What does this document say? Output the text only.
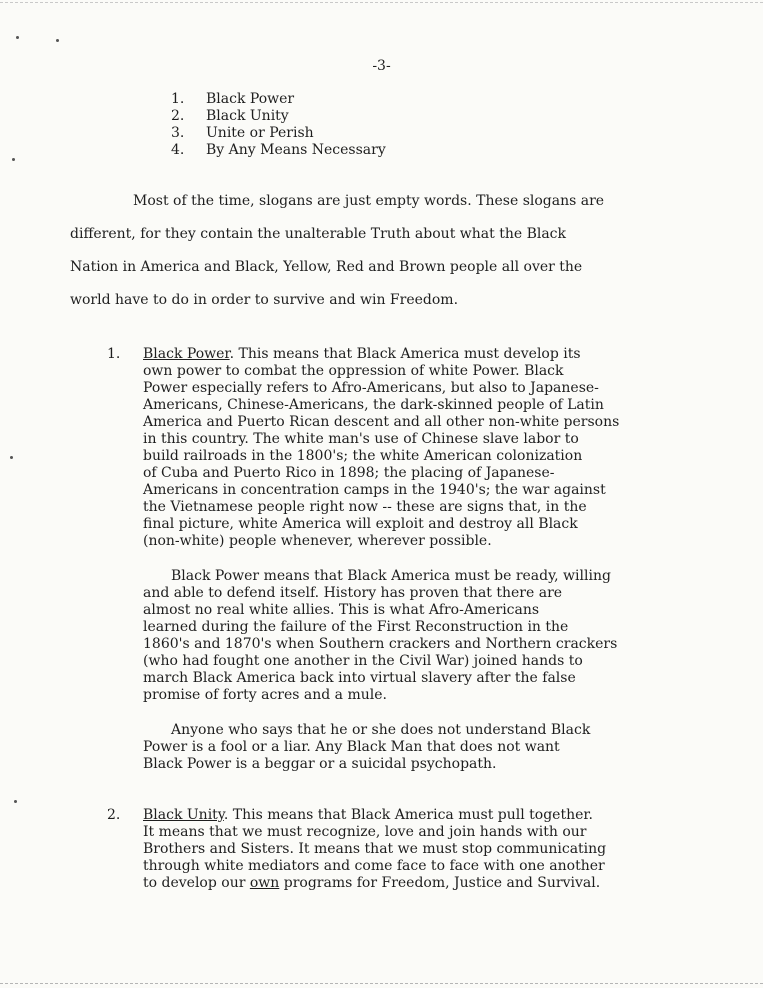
-3-
1. Black Power
2. Black Unity
3. Unite or Perish
4. By Any Means Necessary
Most of the time, slogans are just empty words. These slogans are
different, for they contain the unalterable Truth about what the Black
Nation in America and Black, Yellow, Red and Brown people all over the
world have to do in order to survive and win Freedom.
1. Black Power. This means that Black America must develop its
own power to combat the oppression of white Power. Black
Power especially refers to Afro-Americans, but also to Japanese-
Americans, Chinese-Americans, the dark-skinned people of Latin
America and Puerto Rican descent and all other non-white persons
in this country. The white man's use of Chinese slave labor to
build railroads in the 1800's; the white American colonization
of Cuba and Puerto Rico in 1898; the placing of Japanese-
Americans in concentration camps in the 1940's; the war against
the Vietnamese people right now -- these are signs that, in the
final picture, white America will exploit and destroy all Black
(non-white) people whenever, wherever possible.
Black Power means that Black America must be ready, willing
and able to defend itself. History has proven that there are
almost no real white allies. This is what Afro-Americans
learned during the failure of the First Reconstruction in the
1860's and 1870's when Southern crackers and Northern crackers
(who had fought one another in the Civil War) joined hands to
march Black America back into virtual slavery after the false
promise of forty acres and a mule.
Anyone who says that he or she does not understand Black
Power is a fool or a liar. Any Black Man that does not want
Black Power is a beggar or a suicidal psychopath.
2. Black Unity. This means that Black America must pull together.
It means that we must recognize, love and join hands with our
Brothers and Sisters. It means that we must stop communicating
through white mediators and come face to face with one another
to develop our own programs for Freedom, Justice and Survival.
